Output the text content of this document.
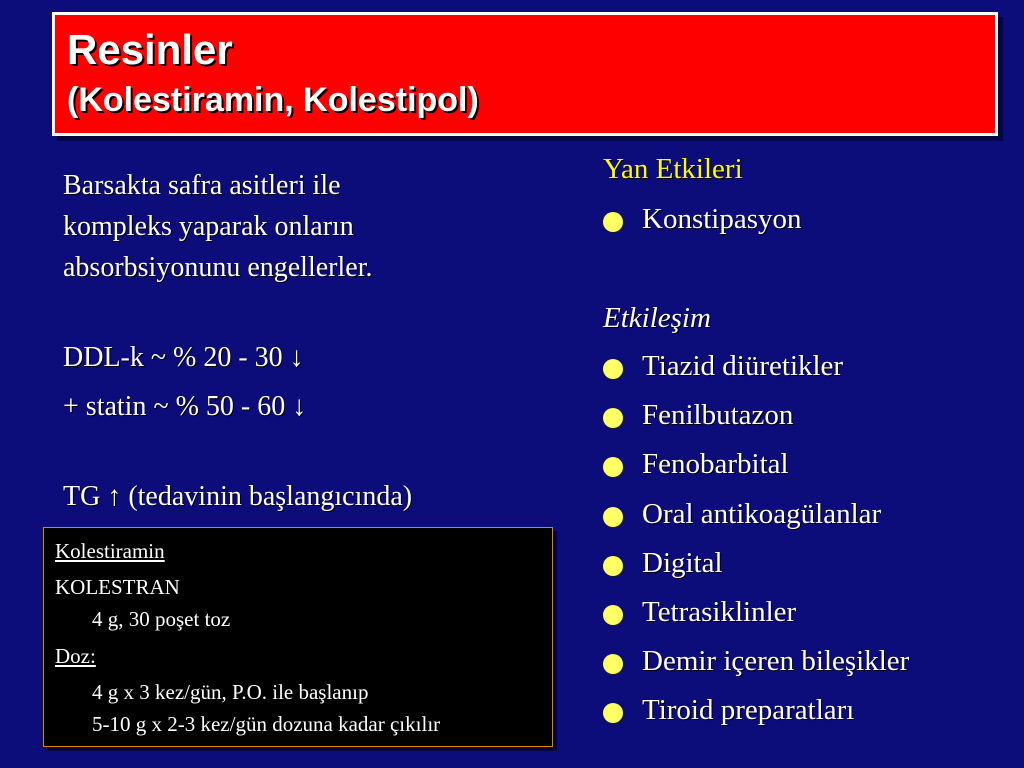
Resinler
(Kolestiramin, Kolestipol)
Barsakta safra asitleri ile
kompleks yaparak onların
absorbsiyonunu engellerler.
DDL-k ~ % 20 - 30 ↓
+ statin ~ % 50 - 60 ↓
TG ↑ (tedavinin başlangıcında)
Yan Etkileri
Konstipasyon
Etkileşim
Tiazid diüretikler
Fenilbutazon
Fenobarbital
Oral antikoagülanlar
Digital
Tetrasiklinler
Demir içeren bileşikler
Tiroid preparatları
Kolestiramin
KOLESTRAN
4 g, 30 poşet toz
Doz:
4 g x 3 kez/gün, P.O. ile başlanıp
5-10 g x 2-3 kez/gün dozuna kadar çıkılır
